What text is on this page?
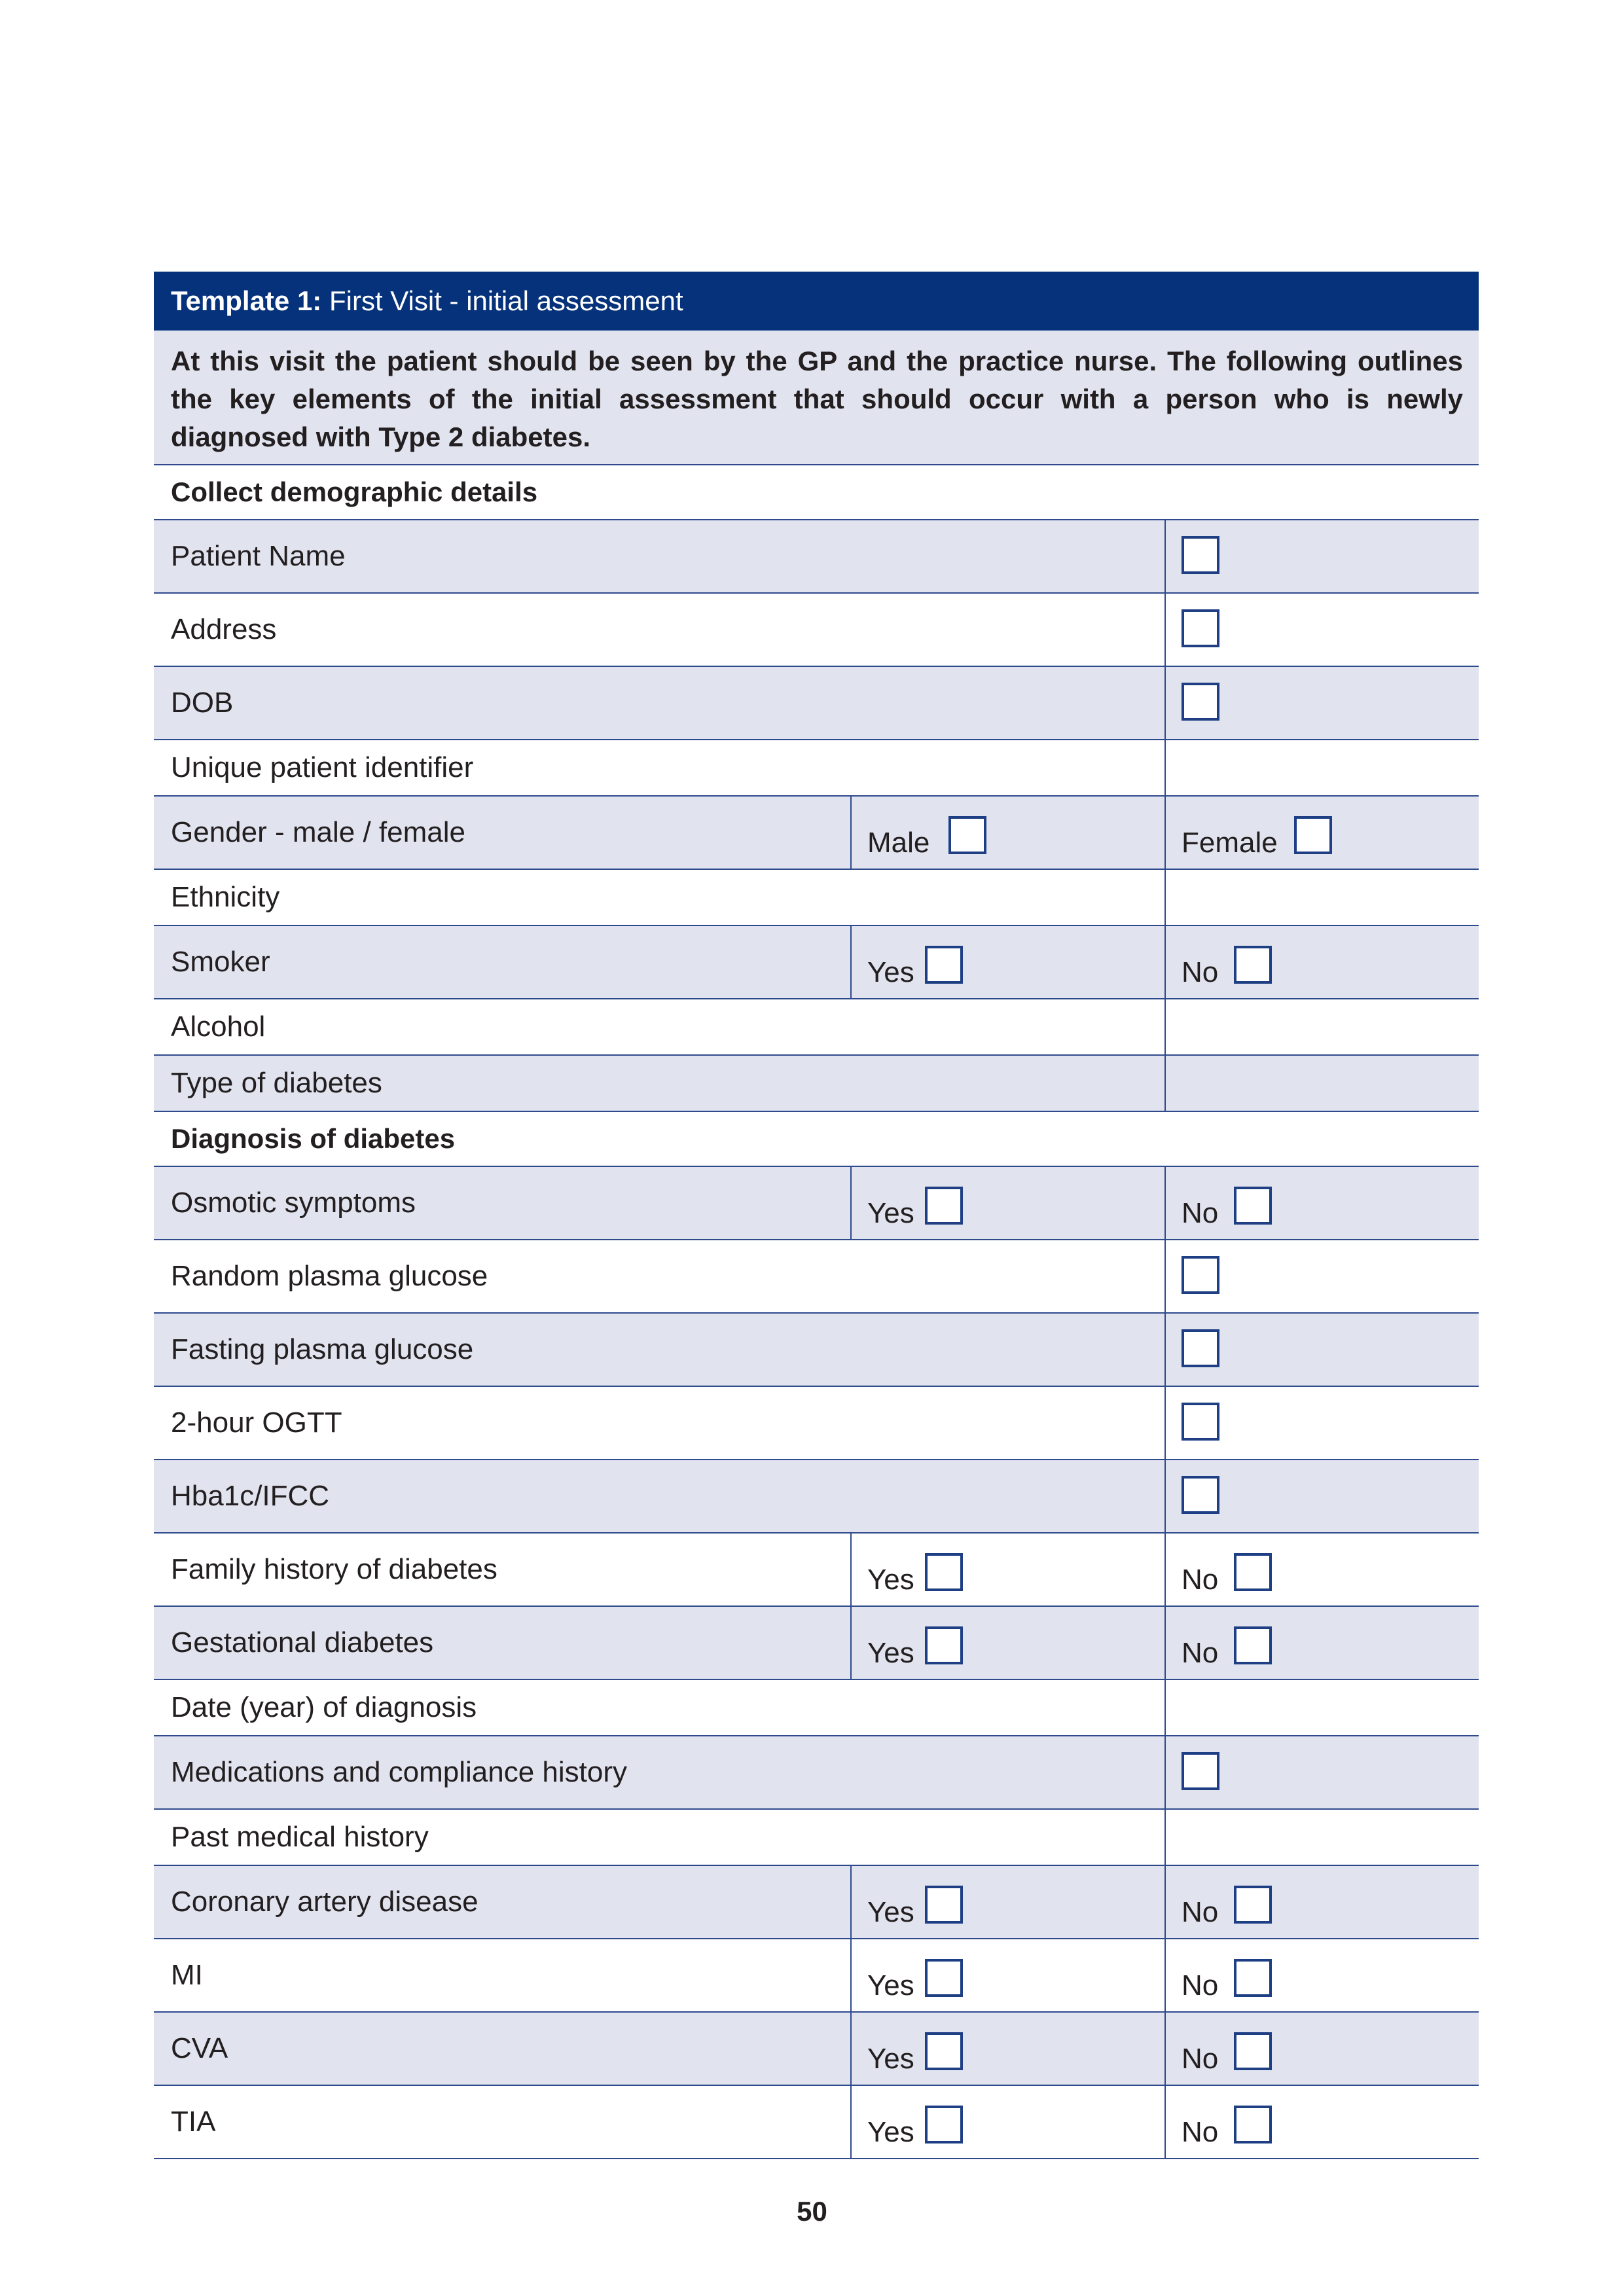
Template 1:
First Visit - initial assessment
At this visit the patient should be seen by the GP and the practice nurse. The following outlines the key elements of the initial assessment that should occur with a person who is newly diagnosed with Type 2 diabetes.
Collect demographic details
Patient Name
Address
DOB
Unique patient identifier
Gender - male / female	Male	Female
Ethnicity
Smoker	Yes	No
Alcohol
Type of diabetes
Diagnosis of diabetes
Osmotic symptoms	Yes	No
Random plasma glucose
Fasting plasma glucose
2-hour OGTT
Hba1c/IFCC
Family history of diabetes	Yes	No
Gestational diabetes	Yes	No
Date (year) of diagnosis
Medications and compliance history
Past medical history
Coronary artery disease	Yes	No
MI	Yes	No
CVA	Yes	No
TIA	Yes	No
50
